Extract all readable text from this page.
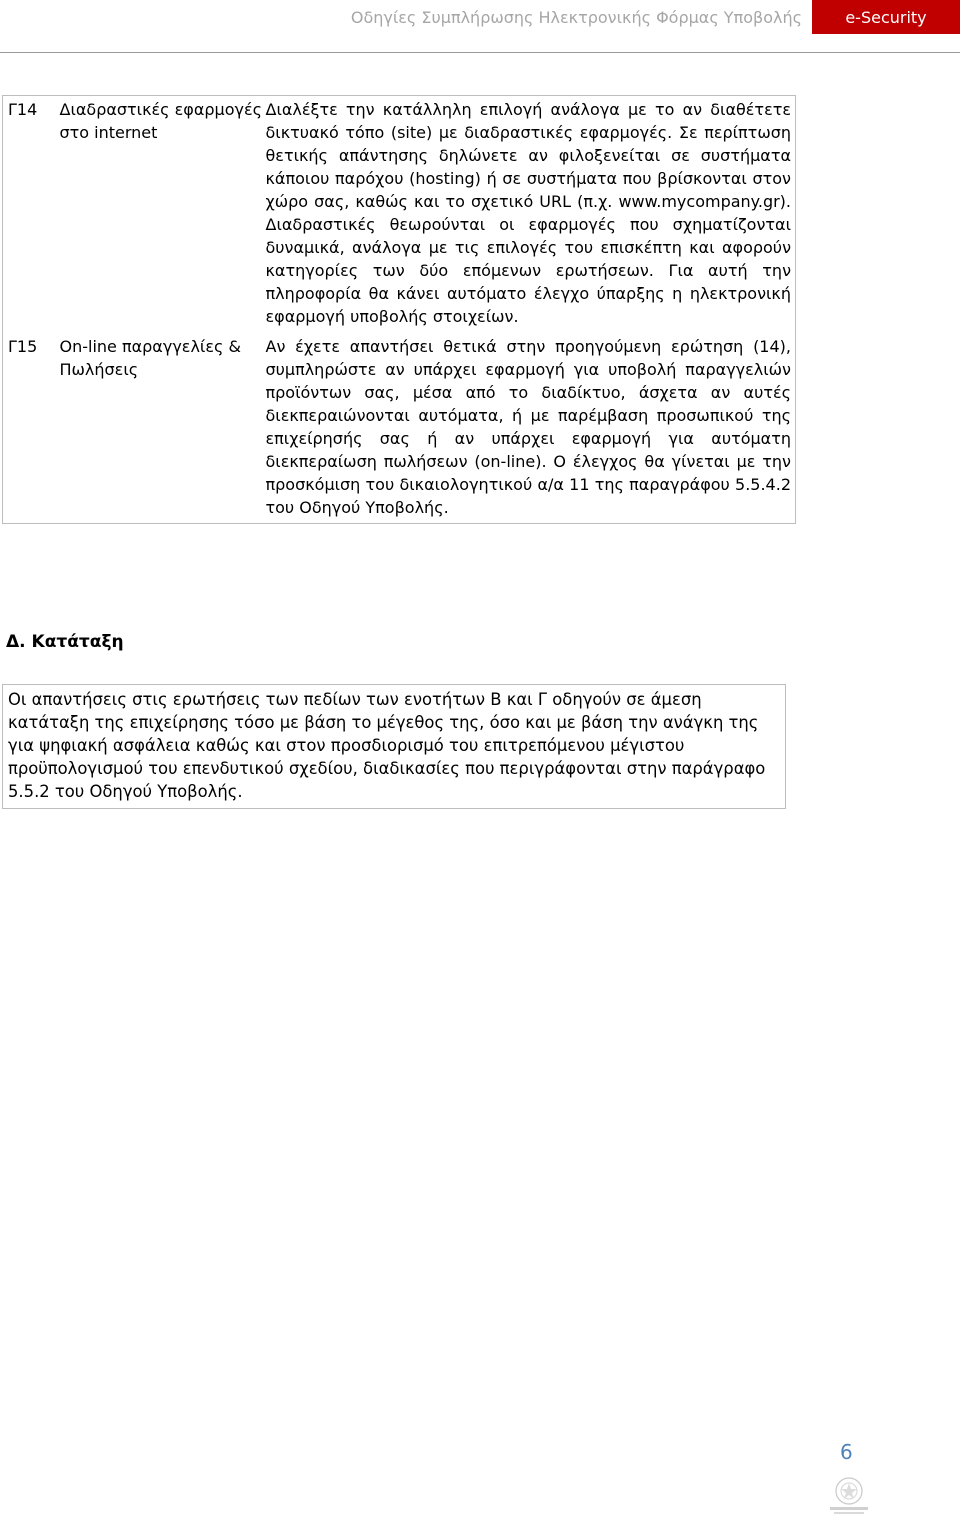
Οδηγίες Συμπλήρωσης Ηλεκτρονικής Φόρμας Υποβολής	e-Security
Γ14	Διαδραστικές εφαρμογές στο internet	Διαλέξτε την κατάλληλη επιλογή ανάλογα με το αν διαθέτετε δικτυακό τόπο (site) με διαδραστικές εφαρμογές. Σε περίπτωση θετικής απάντησης δηλώνετε αν φιλοξενείται σε συστήματα κάποιου παρόχου (hosting) ή σε συστήματα που βρίσκονται στον χώρο σας, καθώς και το σχετικό URL (π.χ. www.mycompany.gr). Διαδραστικές θεωρούνται οι εφαρμογές που σχηματίζονται δυναμικά, ανάλογα με τις επιλογές του επισκέπτη και αφορούν κατηγορίες των δύο επόμενων ερωτήσεων. Για αυτή την πληροφορία θα κάνει αυτόματο έλεγχο ύπαρξης η ηλεκτρονική εφαρμογή υποβολής στοιχείων.
Γ15	On-line παραγγελίες & Πωλήσεις	Αν έχετε απαντήσει θετικά στην προηγούμενη ερώτηση (14), συμπληρώστε αν υπάρχει εφαρμογή για υποβολή παραγγελιών προϊόντων σας, μέσα από το διαδίκτυο, άσχετα αν αυτές διεκπεραιώνονται αυτόματα, ή με παρέμβαση προσωπικού της επιχείρησής σας ή αν υπάρχει εφαρμογή για αυτόματη διεκπεραίωση πωλήσεων (on-line). Ο έλεγχος θα γίνεται με την προσκόμιση του δικαιολογητικού α/α 11 της παραγράφου 5.5.4.2 του Οδηγού Υποβολής.
Δ. Κατάταξη
Οι απαντήσεις στις ερωτήσεις των πεδίων των ενοτήτων Β και Γ οδηγούν σε άμεση κατάταξη της επιχείρησης τόσο με βάση το μέγεθος της, όσο και με βάση την ανάγκη της για ψηφιακή ασφάλεια καθώς και στον προσδιορισμό του επιτρεπόμενου μέγιστου προϋπολογισμού του επενδυτικού σχεδίου, διαδικασίες που περιγράφονται στην παράγραφο 5.5.2 του Οδηγού Υποβολής.
6
